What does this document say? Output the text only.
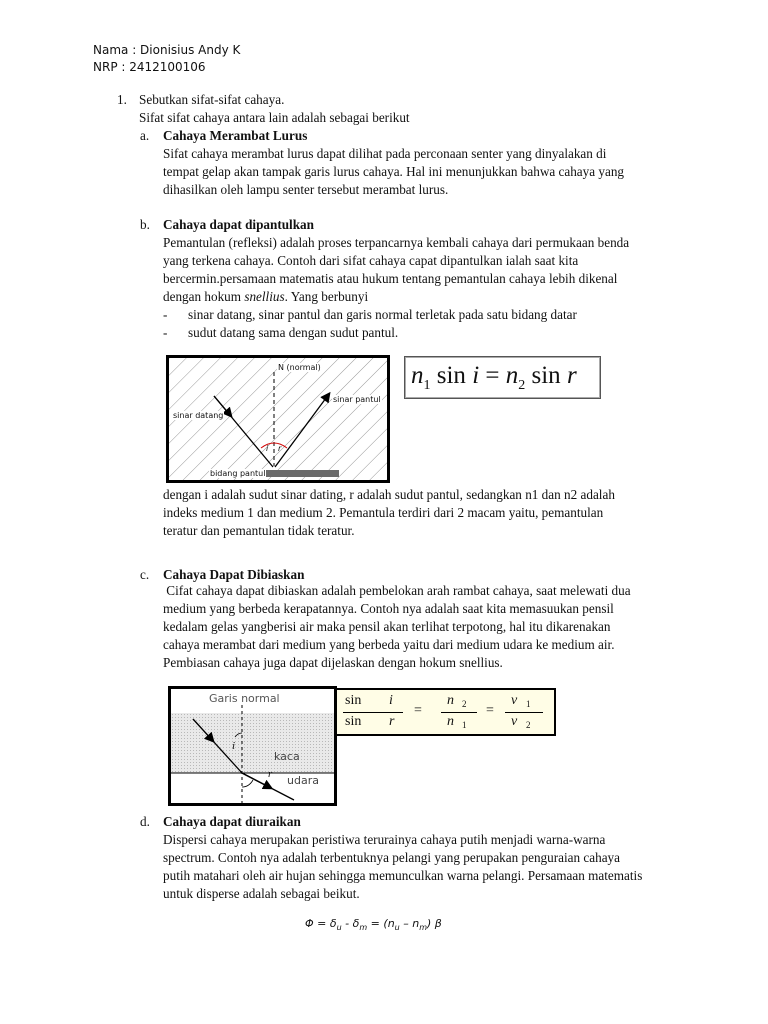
Nama : Dionisius Andy K
NRP : 2412100106
1. Sebutkan sifat-sifat cahaya.
Sifat sifat cahaya antara lain adalah sebagai berikut
a. Cahaya Merambat Lurus
Sifat cahaya merambat lurus dapat dilihat pada perconaan senter yang dinyalakan di
tempat gelap akan tampak garis lurus cahaya. Hal ini menunjukkan bahwa cahaya yang
dihasilkan oleh lampu senter tersebut merambat lurus.
b. Cahaya dapat dipantulkan
Pemantulan (refleksi) adalah proses terpancarnya kembali cahaya dari permukaan benda
yang terkena cahaya. Contoh dari sifat cahaya capat dipantulkan ialah saat kita
bercermin.persamaan matematis atau hukum tentang pemantulan cahaya lebih dikenal
dengan hokum snellius. Yang berbunyi
- sinar datang, sinar pantul dan garis normal terletak pada satu bidang datar
- sudut datang sama dengan sudut pantul.
N (normal)
sinar datang
sinar pantul
i r
bidang pantul
$n_1$ $\sin i = n_2$ sin r
dengan i adalah sudut sinar dating, r adalah sudut pantul, sedangkan n1 dan n2 adalah
indeks medium 1 dan medium 2. Pemantula terdiri dari 2 macam yaitu, pemantulan
teratur dan pemantulan tidak teratur.
c. Cahaya Dapat Dibiaskan
Cifat cahaya dapat dibiaskan adalah pembelokan arah rambat cahaya, saat melewati dua
medium yang berbeda kerapatannya. Contoh nya adalah saat kita memasuukan pensil
kedalam gelas yangberisi air maka pensil akan terlihat terpotong, hal itu dikarenakan
cahaya merambat dari medium yang berbeda yaitu dari medium udara ke medium air.
Pembiasan cahaya juga dapat dijelaskan dengan hokum snellius.
Garis normal
i
kaca
r udara
sin i
sin r
=
n 2
n 1
=
v 1
v 2
d. Cahaya dapat diuraikan
Dispersi cahaya merupakan peristiwa terurainya cahaya putih menjadi warna-warna
spectrum. Contoh nya adalah terbentuknya pelangi yang perupakan penguraian cahaya
putih matahari oleh air hujan sehingga memunculkan warna pelangi. Persamaan matematis
untuk disperse adalah sebagai beikut.
$\Phi = \delta_u - \delta_m = (n_u - n_m)$ β
